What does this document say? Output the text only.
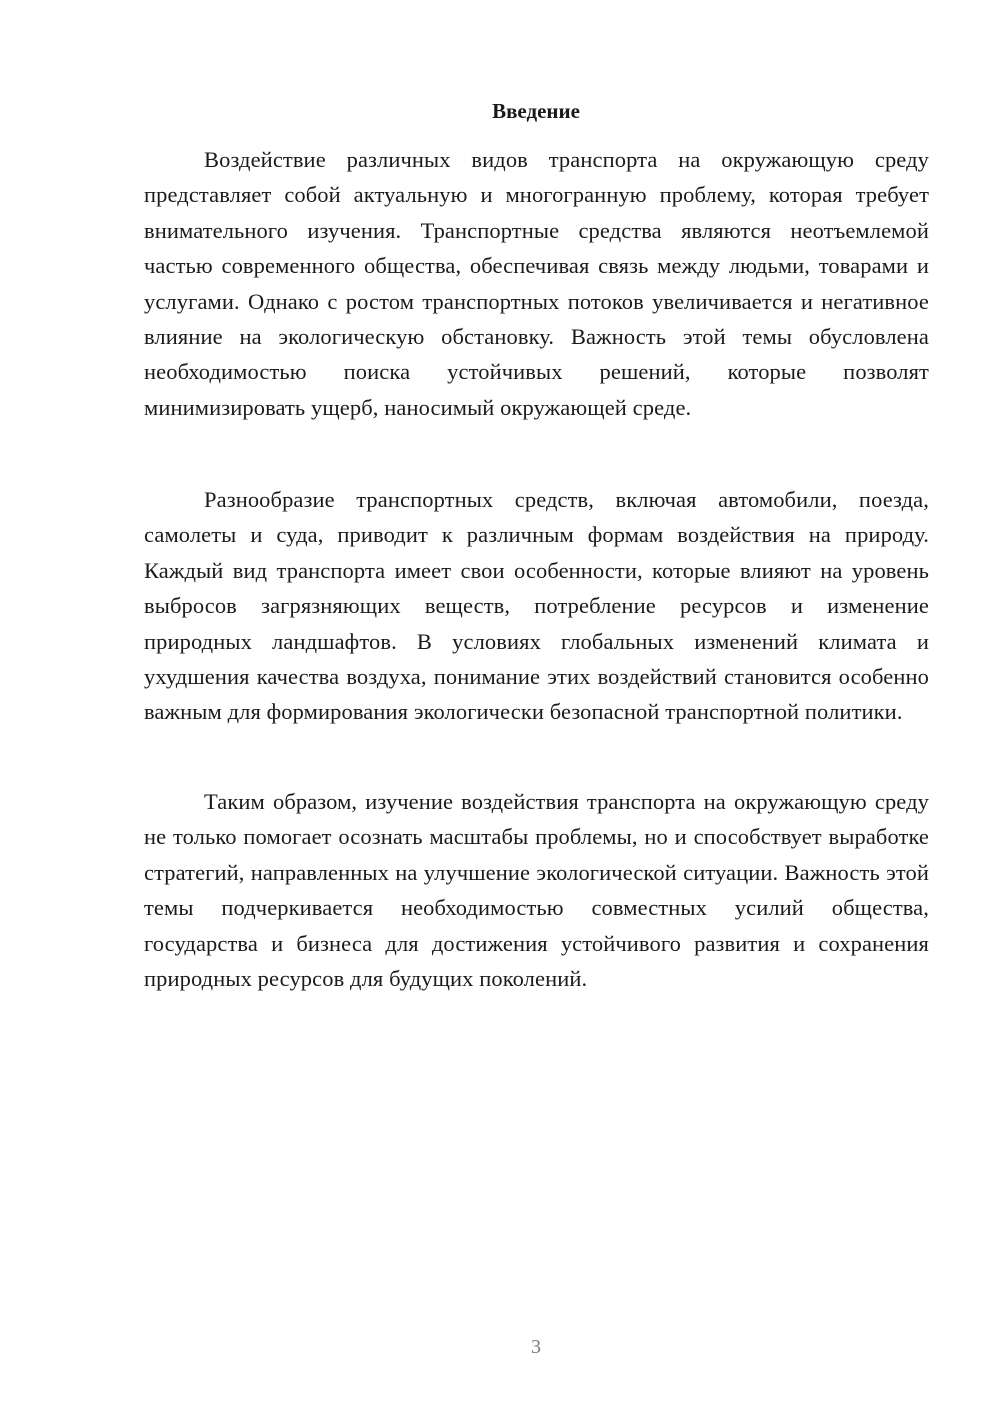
Введение

Воздействие различных видов транспорта на окружающую среду представляет собой актуальную и многогранную проблему, которая требует внимательного изучения. Транспортные средства являются неотъемлемой частью современного общества, обеспечивая связь между людьми, товарами и услугами. Однако с ростом транспортных потоков увеличивается и негативное влияние на экологическую обстановку. Важность этой темы обусловлена необходимостью поиска устойчивых решений, которые позволят минимизировать ущерб, наносимый окружающей среде.

Разнообразие транспортных средств, включая автомобили, поезда, самолеты и суда, приводит к различным формам воздействия на природу. Каждый вид транспорта имеет свои особенности, которые влияют на уровень выбросов загрязняющих веществ, потребление ресурсов и изменение природных ландшафтов. В условиях глобальных изменений климата и ухудшения качества воздуха, понимание этих воздействий становится особенно важным для формирования экологически безопасной транспортной политики.

Таким образом, изучение воздействия транспорта на окружающую среду не только помогает осознать масштабы проблемы, но и способствует выработке стратегий, направленных на улучшение экологической ситуации. Важность этой темы подчеркивается необходимостью совместных усилий общества, государства и бизнеса для достижения устойчивого развития и сохранения природных ресурсов для будущих поколений.

3
